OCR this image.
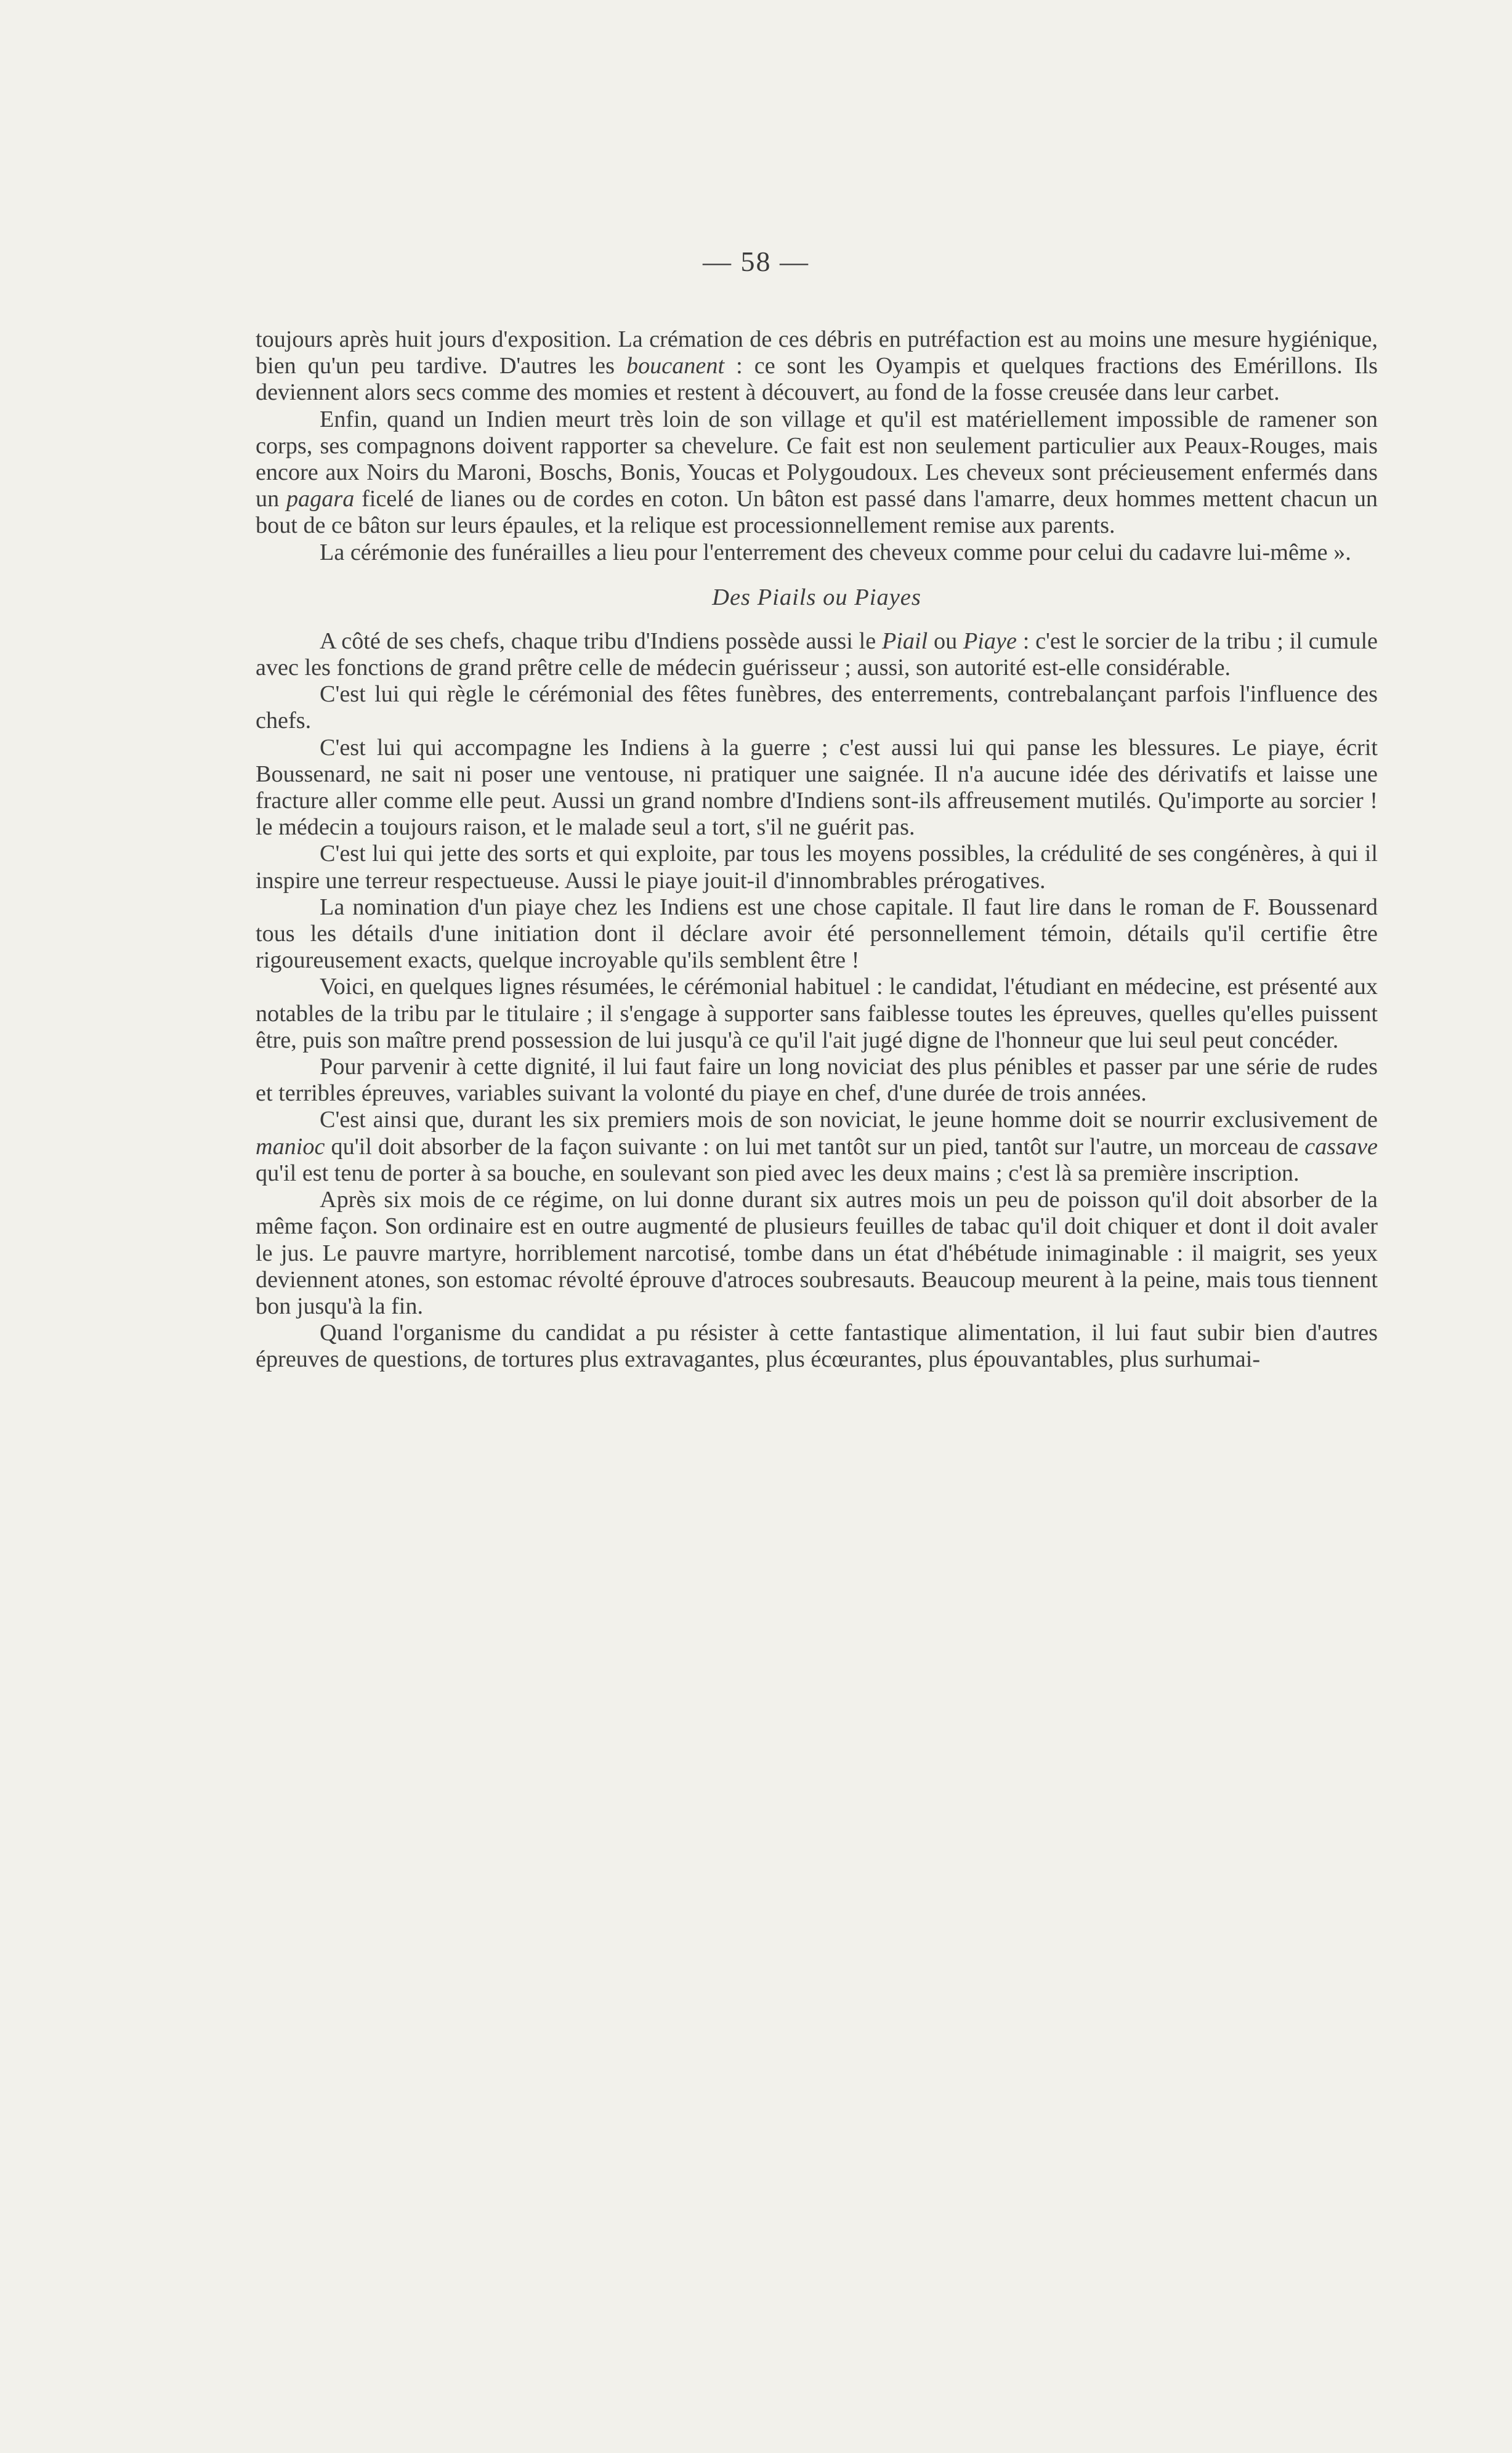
— 58 —

toujours après huit jours d'exposition. La crémation de ces débris en putréfaction est au moins une mesure hygiénique, bien qu'un peu tardive. D'autres les boucanent : ce sont les Oyampis et quelques fractions des Emérillons. Ils deviennent alors secs comme des momies et restent à découvert, au fond de la fosse creusée dans leur carbet.

Enfin, quand un Indien meurt très loin de son village et qu'il est matériellement impossible de ramener son corps, ses compagnons doivent rapporter sa chevelure. Ce fait est non seulement particulier aux Peaux-Rouges, mais encore aux Noirs du Maroni, Boschs, Bonis, Youcas et Polygoudoux. Les cheveux sont précieusement enfermés dans un pagara ficelé de lianes ou de cordes en coton. Un bâton est passé dans l'amarre, deux hommes mettent chacun un bout de ce bâton sur leurs épaules, et la relique est processionnellement remise aux parents.

La cérémonie des funérailles a lieu pour l'enterrement des cheveux comme pour celui du cadavre lui-même ».

Des Piails ou Piayes

A côté de ses chefs, chaque tribu d'Indiens possède aussi le Piail ou Piaye : c'est le sorcier de la tribu ; il cumule avec les fonctions de grand prêtre celle de médecin guérisseur ; aussi, son autorité est-elle considérable.

C'est lui qui règle le cérémonial des fêtes funèbres, des enterrements, contrebalançant parfois l'influence des chefs.

C'est lui qui accompagne les Indiens à la guerre ; c'est aussi lui qui panse les blessures. Le piaye, écrit Boussenard, ne sait ni poser une ventouse, ni pratiquer une saignée. Il n'a aucune idée des dérivatifs et laisse une fracture aller comme elle peut. Aussi un grand nombre d'Indiens sont-ils affreusement mutilés. Qu'importe au sorcier ! le médecin a toujours raison, et le malade seul a tort, s'il ne guérit pas.

C'est lui qui jette des sorts et qui exploite, par tous les moyens possibles, la crédulité de ses congénères, à qui il inspire une terreur respectueuse. Aussi le piaye jouit-il d'innombrables prérogatives.

La nomination d'un piaye chez les Indiens est une chose capitale. Il faut lire dans le roman de F. Boussenard tous les détails d'une initiation dont il déclare avoir été personnellement témoin, détails qu'il certifie être rigoureusement exacts, quelque incroyable qu'ils semblent être !

Voici, en quelques lignes résumées, le cérémonial habituel : le candidat, l'étudiant en médecine, est présenté aux notables de la tribu par le titulaire ; il s'engage à supporter sans faiblesse toutes les épreuves, quelles qu'elles puissent être, puis son maître prend possession de lui jusqu'à ce qu'il l'ait jugé digne de l'honneur que lui seul peut concéder.

Pour parvenir à cette dignité, il lui faut faire un long noviciat des plus pénibles et passer par une série de rudes et terribles épreuves, variables suivant la volonté du piaye en chef, d'une durée de trois années.

C'est ainsi que, durant les six premiers mois de son noviciat, le jeune homme doit se nourrir exclusivement de manioc qu'il doit absorber de la façon suivante : on lui met tantôt sur un pied, tantôt sur l'autre, un morceau de cassave qu'il est tenu de porter à sa bouche, en soulevant son pied avec les deux mains ; c'est là sa première inscription.

Après six mois de ce régime, on lui donne durant six autres mois un peu de poisson qu'il doit absorber de la même façon. Son ordinaire est en outre augmenté de plusieurs feuilles de tabac qu'il doit chiquer et dont il doit avaler le jus. Le pauvre martyre, horriblement narcotisé, tombe dans un état d'hébétude inimaginable : il maigrit, ses yeux deviennent atones, son estomac révolté éprouve d'atroces soubresauts. Beaucoup meurent à la peine, mais tous tiennent bon jusqu'à la fin.

Quand l'organisme du candidat a pu résister à cette fantastique alimentation, il lui faut subir bien d'autres épreuves de questions, de tortures plus extravagantes, plus écœurantes, plus épouvantables, plus surhumai-
